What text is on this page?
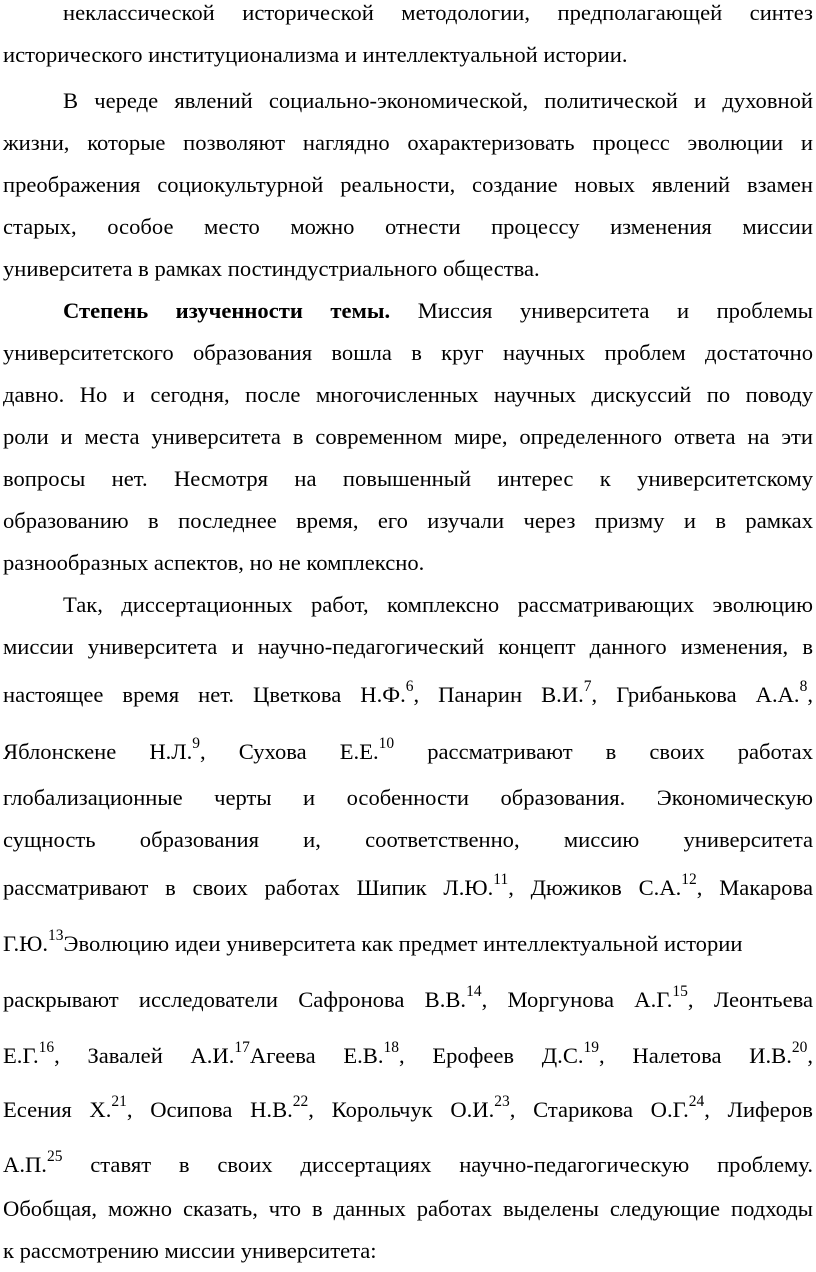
неклассической исторической методологии, предполагающей синтез
исторического институционализма и интеллектуальной истории.
В череде явлений социально-экономической, политической и духовной
жизни, которые позволяют наглядно охарактеризовать процесс эволюции и
преображения социокультурной реальности, создание новых явлений взамен
старых, особое место можно отнести процессу изменения миссии
университета в рамках постиндустриального общества.
Степень изученности темы. Миссия университета и проблемы
университетского образования вошла в круг научных проблем достаточно
давно. Но и сегодня, после многочисленных научных дискуссий по поводу
роли и места университета в современном мире, определенного ответа на эти
вопросы нет. Несмотря на повышенный интерес к университетскому
образованию в последнее время, его изучали через призму и в рамках
разнообразных аспектов, но не комплексно.
Так, диссертационных работ, комплексно рассматривающих эволюцию
миссии университета и научно-педагогический концепт данного изменения, в
настоящее время нет. Цветкова Н.Ф.$^6$, Панарин В.И.$^7$, Грибанькова А.А.$^8$,
Яблонскене Н.Л.$^9$, Сухова Е.Е.$^{10}$ рассматривают в своих работах
глобализационные черты и особенности образования. Экономическую
сущность образования и, соответственно, миссию университета
рассматривают в своих работах Шипик Л.Ю.$^{11}$, Дюжиков С.А.$^{12}$, Макарова
Г.Ю.$^{13}$Эволюцию идеи университета как предмет интеллектуальной истории
раскрывают исследователи Сафронова В.В.$^{14}$, Моргунова А.Г.$^{15}$, Леонтьева
Е.Г.$^{16}$, Завалей А.И.$^{17}$Агеева Е.В.$^{18}$, Ерофеев Д.С.$^{19}$, Налетова И.В.$^{20}$,
Есения Х.$^{21}$, Осипова Н.В.$^{22}$, Корольчук О.И.$^{23}$, Старикова О.Г.$^{24}$, Лиферов
А.П.$^{25}$ ставят в своих диссертациях научно-педагогическую проблему.
Обобщая, можно сказать, что в данных работах выделены следующие подходы
к рассмотрению миссии университета:
